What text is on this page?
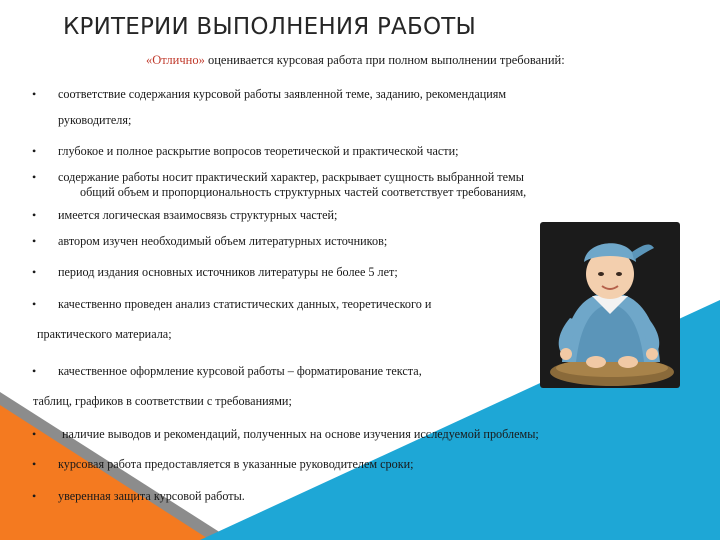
КРИТЕРИИ ВЫПОЛНЕНИЯ РАБОТЫ
«Отлично» оценивается курсовая работа при полном выполнении требований:
•
•
•
•
•
•
•
•
•
•
•
соответствие содержания курсовой работы заявленной теме, заданию, рекомендациям
руководителя;
глубокое и полное раскрытие вопросов теоретической и практической части;
содержание работы носит практический характер, раскрывает сущность выбранной темы
общий объем и пропорциональность структурных частей соответствует требованиям,
имеется логическая взаимосвязь структурных частей;
автором изучен необходимый объем литературных источников;
период издания основных источников литературы не более 5 лет;
качественно проведен анализ статистических данных, теоретического и
практического материала;
качественное оформление курсовой работы – форматирование текста,
таблиц, графиков в соответствии с требованиями;
наличие выводов и рекомендаций, полученных на основе изучения исследуемой проблемы;
курсовая работа предоставляется в указанные руководителем сроки;
уверенная защита курсовой работы.
